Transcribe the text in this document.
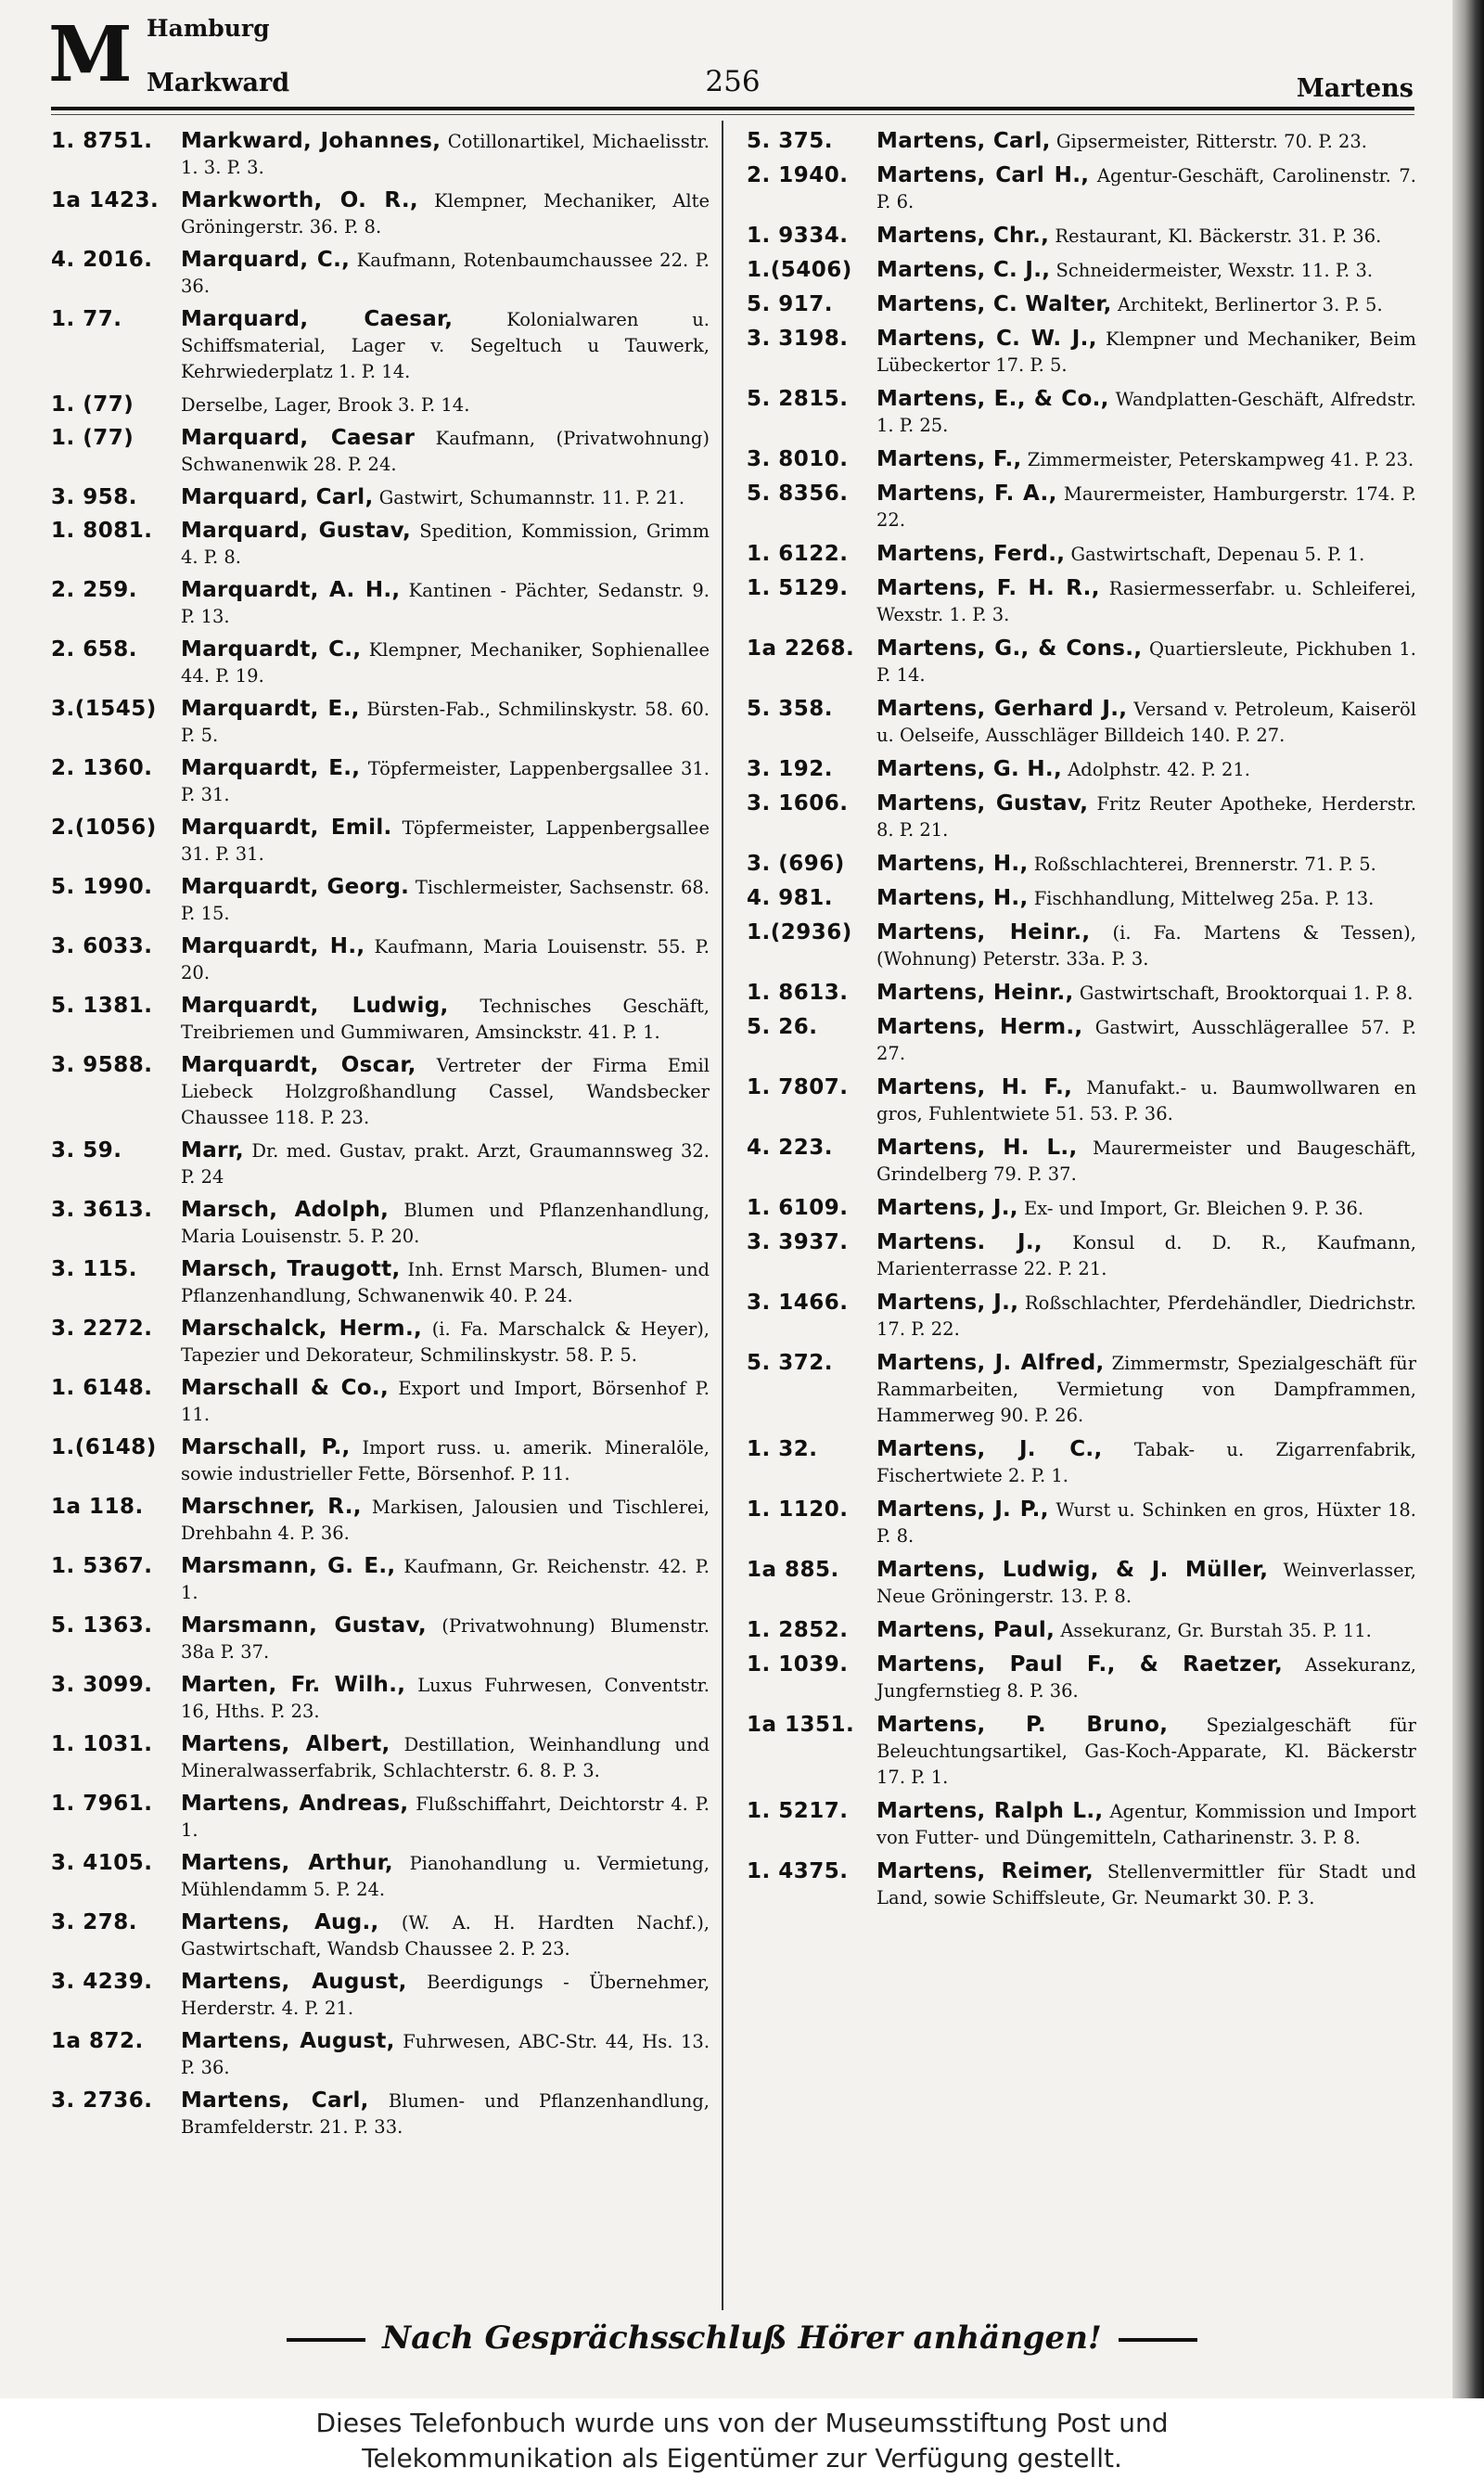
M Hamburg
Markward	256	Martens
1. 8751.	Markward, Johannes, Cotillonartikel, Michaelisstr. 1. 3. P. 3.
1a 1423.	Markworth, O. R., Klempner, Mechaniker, Alte Gröningerstr. 36. P. 8.
4. 2016.	Marquard, C., Kaufmann, Rotenbaumchaussee 22. P. 36.
1. 77.	Marquard, Caesar,	Kolonialwaren u. Schiffsmaterial, Lager v. Segeltuch u Tauwerk, Kehrwiederplatz 1. P. 14.
1. (77)	Derselbe, Lager, Brook 3. P. 14.
1. (77)	Marquard, Caesar Kaufmann, (Privatwohnung) Schwanenwik 28. P. 24.
3. 958.	Marquard, Carl, Gastwirt, Schumannstr. 11. P. 21.
1. 8081.	Marquard, Gustav, Spedition, Kommission, Grimm 4. P. 8.
2. 259.	Marquardt, A. H., Kantinen - Pächter, Sedanstr. 9. P. 13.
2. 658.	Marquardt, C., Klempner, Mechaniker, Sophienallee 44. P. 19.
3.(1545)	Marquardt, E., Bürsten-Fab., Schmilinskystr. 58. 60. P. 5.
2. 1360.	Marquardt, E., Töpfermeister, Lappenbergsallee 31. P. 31.
2.(1056)	Marquardt, Emil. Töpfermeister, Lappenbergsallee 31. P. 31.
5. 1990.	Marquardt, Georg. Tischlermeister, Sachsenstr. 68. P. 15.
3. 6033.	Marquardt, H., Kaufmann, Maria Louisenstr. 55. P. 20.
5. 1381.	Marquardt, Ludwig, Technisches Geschäft, Treibriemen und Gummiwaren, Amsinckstr. 41. P. 1.
3. 9588.	Marquardt, Oscar, Vertreter der Firma Emil Liebeck Holzgroßhandlung Cassel, Wandsbecker Chaussee 118. P. 23.
3. 59.	Marr, Dr. med. Gustav, prakt. Arzt, Graumannsweg 32. P. 24
3. 3613.	Marsch, Adolph, Blumen und Pflanzenhandlung, Maria Louisenstr. 5. P. 20.
3. 115.	Marsch, Traugott, Inh. Ernst Marsch, Blumen- und Pflanzenhandlung, Schwanenwik 40. P. 24.
3. 2272.	Marschalck, Herm., (i. Fa. Marschalck & Heyer), Tapezier und Dekorateur, Schmilinskystr. 58. P. 5.
1. 6148.	Marschall & Co., Export und Import, Börsenhof P. 11.
1.(6148)	Marschall, P., Import russ. u. amerik. Mineralöle, sowie industrieller Fette, Börsenhof. P. 11.
1a 118.	Marschner, R., Markisen, Jalousien und Tischlerei, Drehbahn 4. P. 36.
1. 5367.	Marsmann, G. E., Kaufmann, Gr. Reichenstr. 42. P. 1.
5. 1363.	Marsmann, Gustav, (Privatwohnung) Blumenstr. 38a P. 37.
3. 3099.	Marten, Fr. Wilh., Luxus Fuhrwesen, Conventstr. 16, Hths. P. 23.
1. 1031.	Martens, Albert, Destillation, Weinhandlung und Mineralwasserfabrik, Schlachterstr. 6. 8. P. 3.
1. 7961.	Martens, Andreas, Flußschiffahrt, Deichtorstr 4. P. 1.
3. 4105.	Martens, Arthur, Pianohandlung u. Vermietung, Mühlendamm 5. P. 24.
3. 278.	Martens, Aug., (W. A. H. Hardten Nachf.), Gastwirtschaft, Wandsb Chaussee 2. P. 23.
3. 4239.	Martens, August, Beerdigungs - Übernehmer, Herderstr. 4. P. 21.
1a 872.	Martens, August, Fuhrwesen, ABC-Str. 44, Hs. 13. P. 36.
3. 2736.	Martens, Carl, Blumen- und Pflanzenhandlung, Bramfelderstr. 21. P. 33.
5. 375.	Martens, Carl, Gipsermeister, Ritterstr. 70. P. 23.
2. 1940.	Martens, Carl H., Agentur-Geschäft, Carolinenstr. 7. P. 6.
1. 9334.	Martens, Chr., Restaurant, Kl. Bäckerstr. 31. P. 36.
1.(5406)	Martens, C. J., Schneidermeister, Wexstr. 11. P. 3.
5. 917.	Martens, C. Walter, Architekt, Berlinertor 3. P. 5.
3. 3198.	Martens, C. W. J., Klempner und Mechaniker, Beim Lübeckertor 17. P. 5.
5. 2815.	Martens, E., & Co., Wandplatten-Geschäft, Alfredstr. 1. P. 25.
3. 8010.	Martens, F., Zimmermeister, Peterskampweg 41. P. 23.
5. 8356.	Martens, F. A., Maurermeister, Hamburgerstr. 174. P. 22.
1. 6122.	Martens, Ferd., Gastwirtschaft, Depenau 5. P. 1.
1. 5129.	Martens, F. H. R., Rasiermesserfabr. u. Schleiferei, Wexstr. 1. P. 3.
1a 2268.	Martens, G., & Cons., Quartiersleute, Pickhuben 1. P. 14.
5. 358.	Martens, Gerhard J., Versand v. Petroleum, Kaiseröl u. Oelseife, Ausschläger Billdeich 140. P. 27.
3. 192.	Martens, G. H., Adolphstr. 42. P. 21.
3. 1606.	Martens, Gustav, Fritz Reuter Apotheke, Herderstr. 8. P. 21.
3. (696)	Martens, H., Roßschlachterei, Brennerstr. 71. P. 5.
4. 981.	Martens, H., Fischhandlung, Mittelweg 25a. P. 13.
1.(2936)	Martens, Heinr., (i. Fa. Martens & Tessen), (Wohnung) Peterstr. 33a. P. 3.
1. 8613.	Martens, Heinr., Gastwirtschaft, Brooktorquai 1. P. 8.
5. 26.	Martens, Herm., Gastwirt, Ausschlägerallee 57. P. 27.
1. 7807.	Martens, H. F., Manufakt.- u. Baumwollwaren en gros, Fuhlentwiete 51. 53. P. 36.
4. 223.	Martens, H. L., Maurermeister und Baugeschäft, Grindelberg 79. P. 37.
1. 6109.	Martens, J., Ex- und Import, Gr. Bleichen 9. P. 36.
3. 3937.	Martens. J., Konsul d. D. R., Kaufmann, Marienterrasse 22. P. 21.
3. 1466.	Martens, J., Roßschlachter, Pferdehändler, Diedrichstr. 17. P. 22.
5. 372.	Martens, J. Alfred, Zimmermstr, Spezialgeschäft für Rammarbeiten, Vermietung von Dampframmen, Hammerweg 90. P. 26.
1. 32.	Martens, J. C., Tabak- u. Zigarrenfabrik, Fischertwiete 2. P. 1.
1. 1120.	Martens, J. P., Wurst u. Schinken en gros, Hüxter 18. P. 8.
1a 885.	Martens, Ludwig, & J. Müller, Weinverlasser, Neue Gröningerstr. 13. P. 8.
1. 2852.	Martens, Paul, Assekuranz, Gr. Burstah 35. P. 11.
1. 1039.	Martens, Paul F., & Raetzer, Assekuranz, Jungfernstieg 8. P. 36.
1a 1351.	Martens, P. Bruno, Spezialgeschäft für Beleuchtungsartikel, Gas-Koch-Apparate, Kl. Bäckerstr 17. P. 1.
1. 5217.	Martens, Ralph L., Agentur, Kommission und Import von Futter- und Düngemitteln, Catharinenstr. 3. P. 8.
1. 4375.	Martens, Reimer, Stellenvermittler für Stadt und Land, sowie Schiffsleute, Gr. Neumarkt 30. P. 3.
Nach Gesprächsschluß Hörer anhängen!
Dieses Telefonbuch wurde uns von der Museumsstiftung Post und
Telekommunikation als Eigentümer zur Verfügung gestellt.
